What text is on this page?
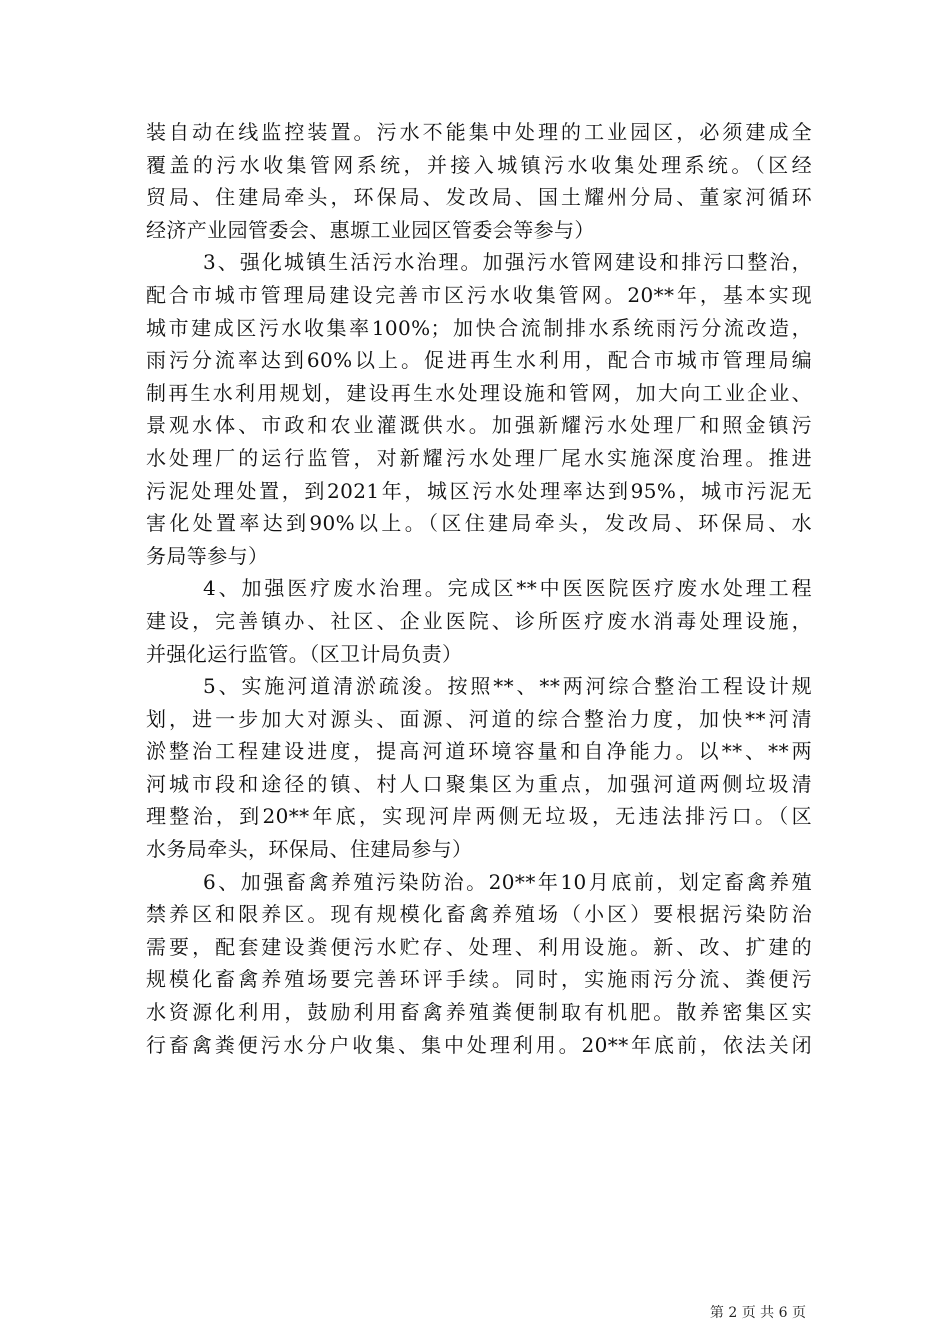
装自动在线监控装置。污水不能集中处理的工业园区，必须建成全
覆盖的污水收集管网系统，并接入城镇污水收集处理系统。（区经
贸局、住建局牵头，环保局、发改局、国土耀州分局、董家河循环
经济产业园管委会、惠塬工业园区管委会等参与）
3、强化城镇生活污水治理。加强污水管网建设和排污口整治，
配合市城市管理局建设完善市区污水收集管网。20**年，基本实现
城市建成区污水收集率100%；加快合流制排水系统雨污分流改造，
雨污分流率达到60%以上。促进再生水利用，配合市城市管理局编
制再生水利用规划，建设再生水处理设施和管网，加大向工业企业、
景观水体、市政和农业灌溉供水。加强新耀污水处理厂和照金镇污
水处理厂的运行监管，对新耀污水处理厂尾水实施深度治理。推进
污泥处理处置，到2021年，城区污水处理率达到95%，城市污泥无
害化处置率达到90%以上。（区住建局牵头，发改局、环保局、水
务局等参与）
4、加强医疗废水治理。完成区**中医医院医疗废水处理工程
建设，完善镇办、社区、企业医院、诊所医疗废水消毒处理设施，
并强化运行监管。（区卫计局负责）
5、实施河道清淤疏浚。按照**、**两河综合整治工程设计规
划，进一步加大对源头、面源、河道的综合整治力度，加快**河清
淤整治工程建设进度，提高河道环境容量和自净能力。以**、**两
河城市段和途径的镇、村人口聚集区为重点，加强河道两侧垃圾清
理整治，到20**年底，实现河岸两侧无垃圾，无违法排污口。（区
水务局牵头，环保局、住建局参与）
6、加强畜禽养殖污染防治。20**年10月底前，划定畜禽养殖
禁养区和限养区。现有规模化畜禽养殖场（小区）要根据污染防治
需要，配套建设粪便污水贮存、处理、利用设施。新、改、扩建的
规模化畜禽养殖场要完善环评手续。同时，实施雨污分流、粪便污
水资源化利用，鼓励利用畜禽养殖粪便制取有机肥。散养密集区实
行畜禽粪便污水分户收集、集中处理利用。20**年底前，依法关闭
第 2 页 共 6 页
